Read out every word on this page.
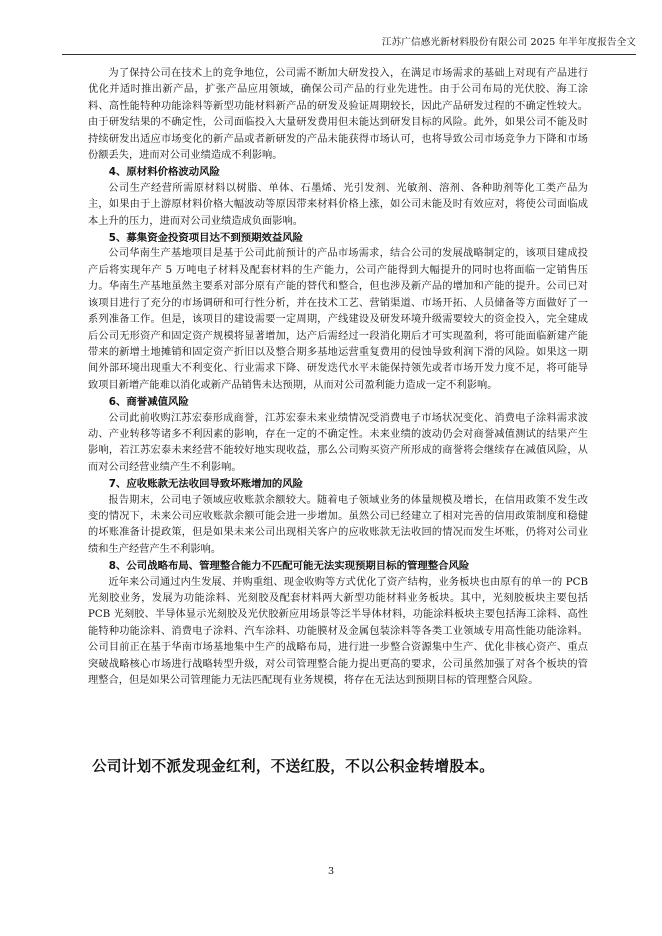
江苏广信感光新材料股份有限公司 2025 年半年度报告全文

为了保持公司在技术上的竞争地位，公司需不断加大研发投入，在满足市场需求的基础上对现有产品进行优化并适时推出新产品，扩张产品应用领域，确保公司产品的行业先进性。由于公司布局的光伏胶、海工涂料、高性能特种功能涂料等新型功能材料新产品的研发及验证周期较长，因此产品研发过程的不确定性较大。由于研发结果的不确定性，公司面临投入大量研发费用但未能达到研发目标的风险。此外，如果公司不能及时持续研发出适应市场变化的新产品或者新研发的产品未能获得市场认可，也将导致公司市场竞争力下降和市场份额丢失，进而对公司业绩造成不利影响。

4、原材料价格波动风险

公司生产经营所需原材料以树脂、单体、石墨烯、光引发剂、光敏剂、溶剂、各种助剂等化工类产品为主，如果由于上游原材料价格大幅波动等原因带来材料价格上涨，如公司未能及时有效应对，将使公司面临成本上升的压力，进而对公司业绩造成负面影响。

5、募集资金投资项目达不到预期效益风险

公司华南生产基地项目是基于公司此前预计的产品市场需求，结合公司的发展战略制定的，该项目建成投产后将实现年产 5 万吨电子材料及配套材料的生产能力，公司产能得到大幅提升的同时也将面临一定销售压力。华南生产基地虽然主要系对部分原有产能的替代和整合，但也涉及新产品的增加和产能的提升。公司已对该项目进行了充分的市场调研和可行性分析，并在技术工艺、营销渠道、市场开拓、人员储备等方面做好了一系列准备工作。但是，该项目的建设需要一定周期，产线建设及研发环境升级需要较大的资金投入，完全建成后公司无形资产和固定资产规模将显著增加，达产后需经过一段消化期后才可实现盈利，将可能面临新建产能带来的新增土地摊销和固定资产折旧以及整合期多基地运营重复费用的侵蚀导致利润下滑的风险。如果这一期间外部环境出现重大不利变化、行业需求下降、研发迭代水平未能保持领先或者市场开发力度不足，将可能导致项目新增产能难以消化或新产品销售未达预期，从而对公司盈利能力造成一定不利影响。

6、商誉减值风险

公司此前收购江苏宏泰形成商誉，江苏宏泰未来业绩情况受消费电子市场状况变化、消费电子涂料需求波动、产业转移等诸多不利因素的影响，存在一定的不确定性。未来业绩的波动仍会对商誉减值测试的结果产生影响，若江苏宏泰未来经营不能较好地实现收益，那么公司购买资产所形成的商誉将会继续存在减值风险，从而对公司经营业绩产生不利影响。

7、应收账款无法收回导致坏账增加的风险

报告期末，公司电子领域应收账款余额较大。随着电子领域业务的体量规模及增长，在信用政策不发生改变的情况下，未来公司应收账款余额可能会进一步增加。虽然公司已经建立了相对完善的信用政策制度和稳健的坏账准备计提政策，但是如果未来公司出现相关客户的应收账款无法收回的情况而发生坏账，仍将对公司业绩和生产经营产生不利影响。

8、公司战略布局、管理整合能力不匹配可能无法实现预期目标的管理整合风险

近年来公司通过内生发展、并购重组、现金收购等方式优化了资产结构，业务板块也由原有的单一的 PCB 光刻胶业务，发展为功能涂料、光刻胶及配套材料两大新型功能材料业务板块。其中，光刻胶板块主要包括 PCB 光刻胶、半导体显示光刻胶及光伏胶新应用场景等泛半导体材料，功能涂料板块主要包括海工涂料、高性能特种功能涂料、消费电子涂料、汽车涂料、功能膜材及金属包装涂料等各类工业领域专用高性能功能涂料。公司目前正在基于华南市场基地集中生产的战略布局，进行进一步整合资源集中生产、优化非核心资产、重点突破战略核心市场进行战略转型升级，对公司管理整合能力提出更高的要求，公司虽然加强了对各个板块的管理整合，但是如果公司管理能力无法匹配现有业务规模，将存在无法达到预期目标的管理整合风险。

公司计划不派发现金红利，不送红股，不以公积金转增股本。
3
